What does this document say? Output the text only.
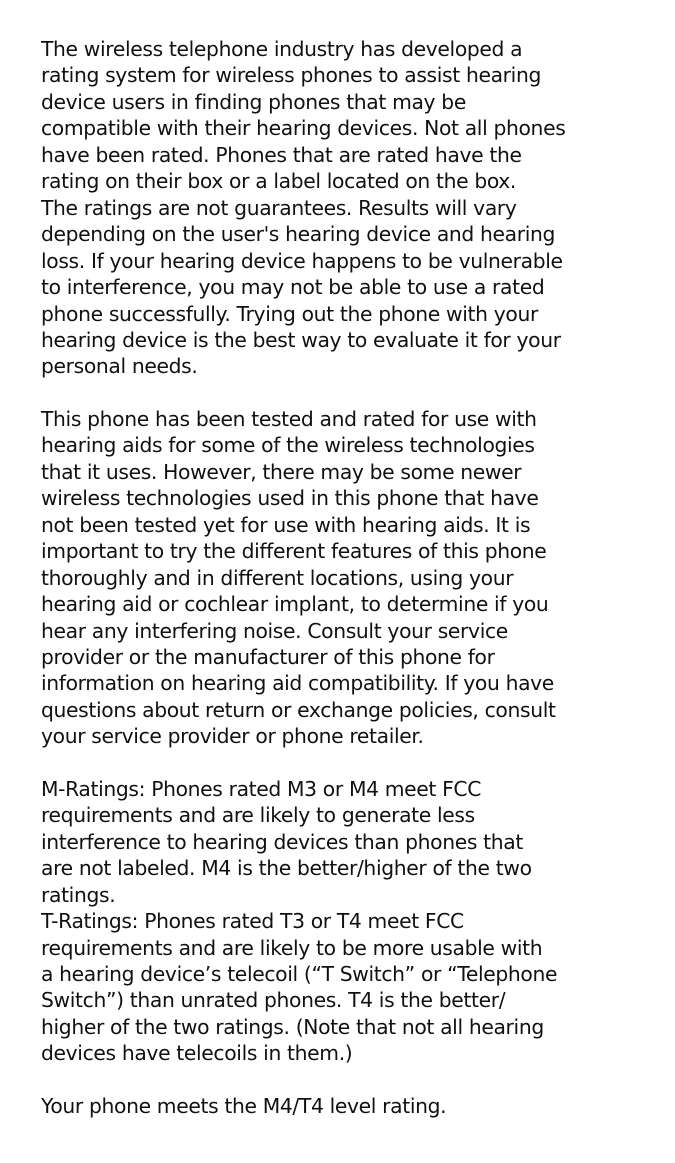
The wireless telephone industry has developed a
rating system for wireless phones to assist hearing
device users in finding phones that may be
compatible with their hearing devices. Not all phones
have been rated. Phones that are rated have the
rating on their box or a label located on the box.
The ratings are not guarantees. Results will vary
depending on the user's hearing device and hearing
loss. If your hearing device happens to be vulnerable
to interference, you may not be able to use a rated
phone successfully. Trying out the phone with your
hearing device is the best way to evaluate it for your
personal needs.

This phone has been tested and rated for use with
hearing aids for some of the wireless technologies
that it uses. However, there may be some newer
wireless technologies used in this phone that have
not been tested yet for use with hearing aids. It is
important to try the different features of this phone
thoroughly and in different locations, using your
hearing aid or cochlear implant, to determine if you
hear any interfering noise. Consult your service
provider or the manufacturer of this phone for
information on hearing aid compatibility. If you have
questions about return or exchange policies, consult
your service provider or phone retailer.

M-Ratings: Phones rated M3 or M4 meet FCC
requirements and are likely to generate less
interference to hearing devices than phones that
are not labeled. M4 is the better/higher of the two
ratings.
T-Ratings: Phones rated T3 or T4 meet FCC
requirements and are likely to be more usable with
a hearing device’s telecoil (“T Switch” or “Telephone
Switch”) than unrated phones. T4 is the better/
higher of the two ratings. (Note that not all hearing
devices have telecoils in them.)

Your phone meets the M4/T4 level rating.
